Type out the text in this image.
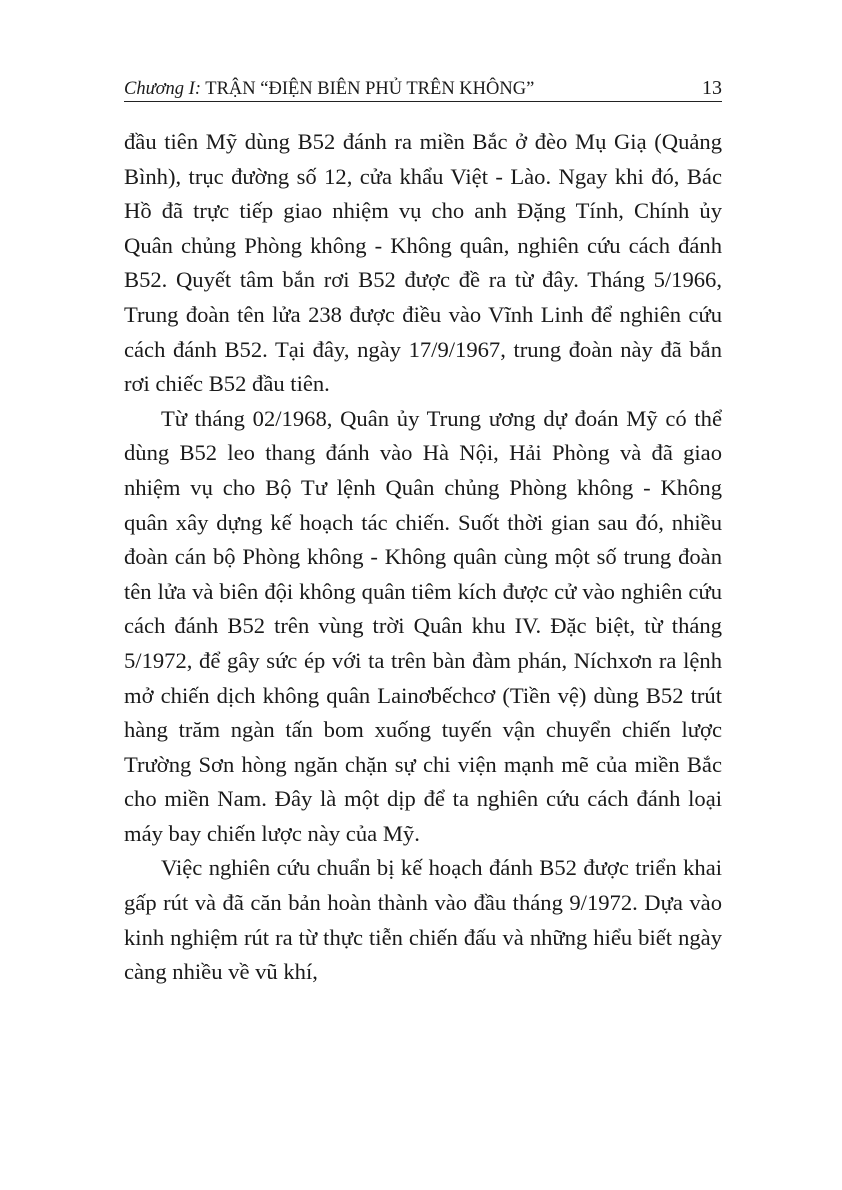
Chương I: TRẬN “ĐIỆN BIÊN PHỦ TRÊN KHÔNG”	13

đầu tiên Mỹ dùng B52 đánh ra miền Bắc ở đèo Mụ Giạ (Quảng Bình), trục đường số 12, cửa khẩu Việt - Lào. Ngay khi đó, Bác Hồ đã trực tiếp giao nhiệm vụ cho anh Đặng Tính, Chính ủy Quân chủng Phòng không - Không quân, nghiên cứu cách đánh B52. Quyết tâm bắn rơi B52 được đề ra từ đây. Tháng 5/1966, Trung đoàn tên lửa 238 được điều vào Vĩnh Linh để nghiên cứu cách đánh B52. Tại đây, ngày 17/9/1967, trung đoàn này đã bắn rơi chiếc B52 đầu tiên.

Từ tháng 02/1968, Quân ủy Trung ương dự đoán Mỹ có thể dùng B52 leo thang đánh vào Hà Nội, Hải Phòng và đã giao nhiệm vụ cho Bộ Tư lệnh Quân chủng Phòng không - Không quân xây dựng kế hoạch tác chiến. Suốt thời gian sau đó, nhiều đoàn cán bộ Phòng không - Không quân cùng một số trung đoàn tên lửa và biên đội không quân tiêm kích được cử vào nghiên cứu cách đánh B52 trên vùng trời Quân khu IV. Đặc biệt, từ tháng 5/1972, để gây sức ép với ta trên bàn đàm phán, Níchxơn ra lệnh mở chiến dịch không quân Lainơbếchcơ (Tiền vệ) dùng B52 trút hàng trăm ngàn tấn bom xuống tuyến vận chuyển chiến lược Trường Sơn hòng ngăn chặn sự chi viện mạnh mẽ của miền Bắc cho miền Nam. Đây là một dịp để ta nghiên cứu cách đánh loại máy bay chiến lược này của Mỹ.

Việc nghiên cứu chuẩn bị kế hoạch đánh B52 được triển khai gấp rút và đã căn bản hoàn thành vào đầu tháng 9/1972. Dựa vào kinh nghiệm rút ra từ thực tiễn chiến đấu và những hiểu biết ngày càng nhiều về vũ khí,
